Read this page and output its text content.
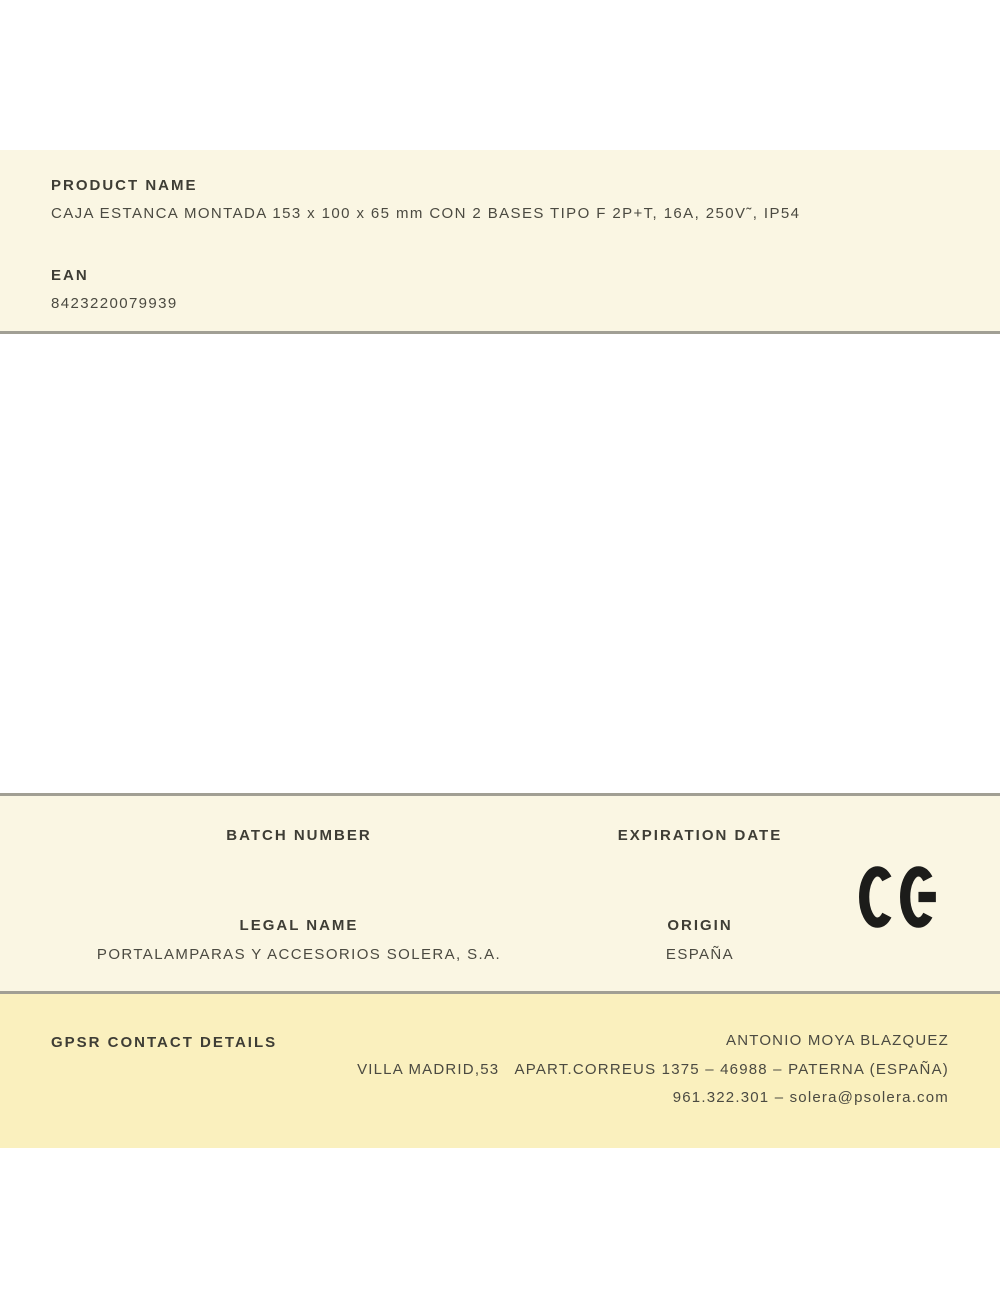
PRODUCT NAME
CAJA ESTANCA MONTADA 153 x 100 x 65 mm CON 2 BASES TIPO F 2P+T, 16A, 250V˜, IP54
EAN
8423220079939
BATCH NUMBER	EXPIRATION DATE
LEGAL NAME
PORTALAMPARAS Y ACCESORIOS SOLERA, S.A.
ORIGIN
ESPAÑA
GPSR CONTACT DETAILS	ANTONIO MOYA BLAZQUEZ
VILLA MADRID,53   APART.CORREUS 1375 – 46988 – PATERNA (ESPAÑA)
961.322.301 – solera@psolera.com
